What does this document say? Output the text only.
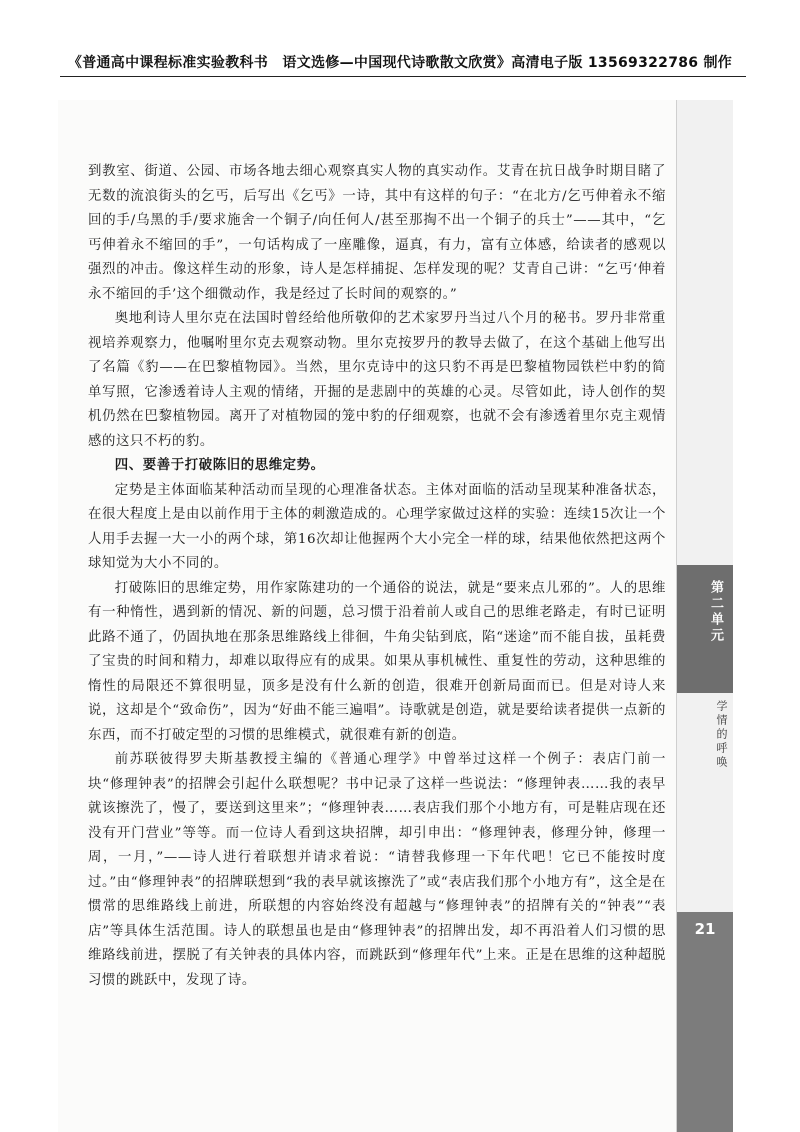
《普通高中课程标准实验教科书　语文选修—中国现代诗歌散文欣赏》高清电子版 13569322786 制作
第二单元
学情的呼唤
21

到教室、街道、公园、市场各地去细心观察真实人物的真实动作。艾青在抗日战争时期目睹了无数的流浪街头的乞丐，后写出《乞丐》一诗，其中有这样的句子：“在北方/乞丐伸着永不缩回的手/乌黑的手/要求施舍一个铜子/向任何人/甚至那掏不出一个铜子的兵士”——其中，“乞丐伸着永不缩回的手”，一句话构成了一座雕像，逼真，有力，富有立体感，给读者的感观以强烈的冲击。像这样生动的形象，诗人是怎样捕捉、怎样发现的呢？艾青自己讲：“乞丐‘伸着永不缩回的手’这个细微动作，我是经过了长时间的观察的。”

奥地利诗人里尔克在法国时曾经给他所敬仰的艺术家罗丹当过八个月的秘书。罗丹非常重视培养观察力，他嘱咐里尔克去观察动物。里尔克按罗丹的教导去做了，在这个基础上他写出了名篇《豹——在巴黎植物园》。当然，里尔克诗中的这只豹不再是巴黎植物园铁栏中豹的简单写照，它渗透着诗人主观的情绪，开掘的是悲剧中的英雄的心灵。尽管如此，诗人创作的契机仍然在巴黎植物园。离开了对植物园的笼中豹的仔细观察，也就不会有渗透着里尔克主观情感的这只不朽的豹。

四、要善于打破陈旧的思维定势。

定势是主体面临某种活动而呈现的心理准备状态。主体对面临的活动呈现某种准备状态，在很大程度上是由以前作用于主体的刺激造成的。心理学家做过这样的实验：连续15次让一个人用手去握一大一小的两个球，第16次却让他握两个大小完全一样的球，结果他依然把这两个球知觉为大小不同的。

打破陈旧的思维定势，用作家陈建功的一个通俗的说法，就是“要来点儿邪的”。人的思维有一种惰性，遇到新的情况、新的问题，总习惯于沿着前人或自己的思维老路走，有时已证明此路不通了，仍固执地在那条思维路线上徘徊，牛角尖钻到底，陷“迷途”而不能自拔，虽耗费了宝贵的时间和精力，却难以取得应有的成果。如果从事机械性、重复性的劳动，这种思维的惰性的局限还不算很明显，顶多是没有什么新的创造，很难开创新局面而已。但是对诗人来说，这却是个“致命伤”，因为“好曲不能三遍唱”。诗歌就是创造，就是要给读者提供一点新的东西，而不打破定型的习惯的思维模式，就很难有新的创造。

前苏联彼得罗夫斯基教授主编的《普通心理学》中曾举过这样一个例子：表店门前一块“修理钟表”的招牌会引起什么联想呢？书中记录了这样一些说法：“修理钟表……我的表早就该擦洗了，慢了，要送到这里来”；“修理钟表……表店我们那个小地方有，可是鞋店现在还没有开门营业”等等。而一位诗人看到这块招牌，却引申出：“修理钟表，修理分钟，修理一周，一月，”——诗人进行着联想并请求着说：“请替我修理一下年代吧！它已不能按时度过。”由“修理钟表”的招牌联想到“我的表早就该擦洗了”或“表店我们那个小地方有”，这全是在惯常的思维路线上前进，所联想的内容始终没有超越与“修理钟表”的招牌有关的“钟表”“表店”等具体生活范围。诗人的联想虽也是由“修理钟表”的招牌出发，却不再沿着人们习惯的思维路线前进，摆脱了有关钟表的具体内容，而跳跃到“修理年代”上来。正是在思维的这种超脱习惯的跳跃中，发现了诗。
